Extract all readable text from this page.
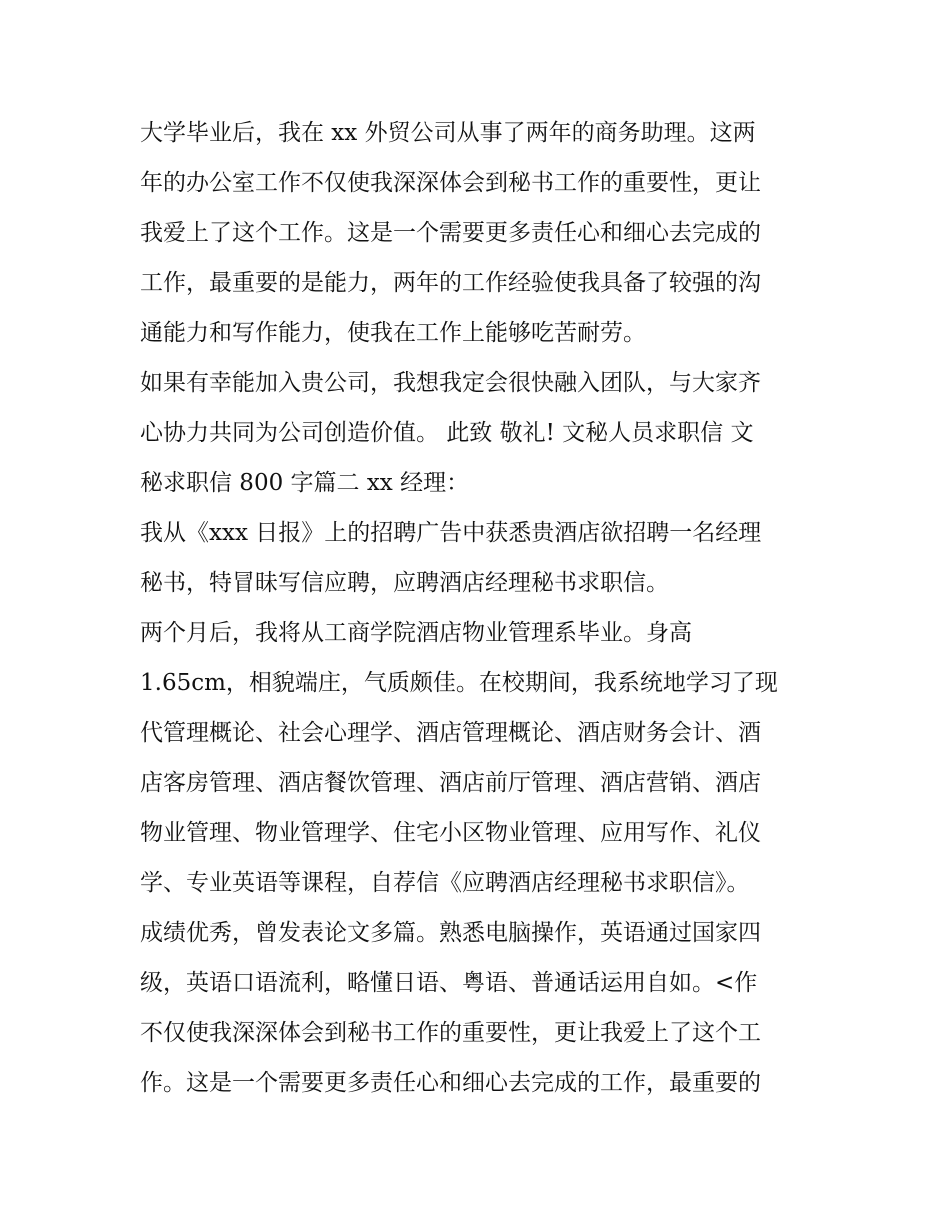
大学毕业后，我在 xx 外贸公司从事了两年的商务助理。这两
年的办公室工作不仅使我深深体会到秘书工作的重要性，更让
我爱上了这个工作。这是一个需要更多责任心和细心去完成的
工作，最重要的是能力，两年的工作经验使我具备了较强的沟
通能力和写作能力，使我在工作上能够吃苦耐劳。
如果有幸能加入贵公司，我想我定会很快融入团队，与大家齐
心协力共同为公司创造价值。 此致 敬礼! 文秘人员求职信 文
秘求职信 800 字篇二 xx 经理：
我从《xxx 日报》上的招聘广告中获悉贵酒店欲招聘一名经理
秘书，特冒昧写信应聘，应聘酒店经理秘书求职信。
两个月后，我将从工商学院酒店物业管理系毕业。身高
1.65cm，相貌端庄，气质颇佳。在校期间，我系统地学习了现
代管理概论、社会心理学、酒店管理概论、酒店财务会计、酒
店客房管理、酒店餐饮管理、酒店前厅管理、酒店营销、酒店
物业管理、物业管理学、住宅小区物业管理、应用写作、礼仪
学、专业英语等课程，自荐信《应聘酒店经理秘书求职信》。
成绩优秀，曾发表论文多篇。熟悉电脑操作，英语通过国家四
级，英语口语流利，略懂日语、粤语、普通话运用自如。<作
不仅使我深深体会到秘书工作的重要性，更让我爱上了这个工
作。这是一个需要更多责任心和细心去完成的工作，最重要的
